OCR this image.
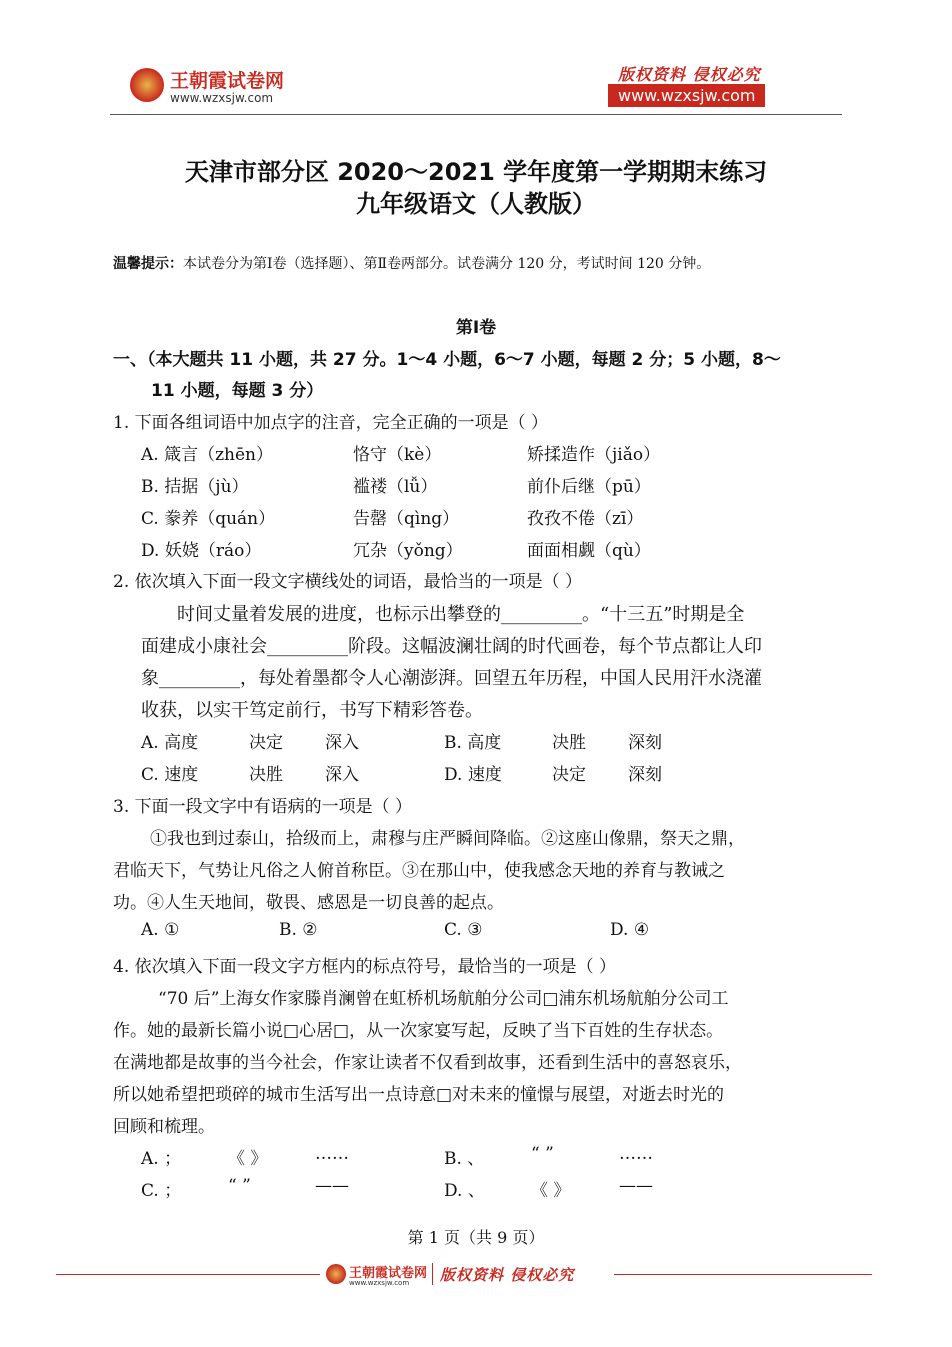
王朝霞试卷网
www.wzxsjw.com
版权资料 侵权必究
www.wzxsjw.com
天津市部分区 2020～2021 学年度第一学期期末练习
九年级语文（人教版）
温馨提示：本试卷分为第Ⅰ卷（选择题）、第Ⅱ卷两部分。试卷满分 120 分，考试时间 120 分钟。
第Ⅰ卷
一、（本大题共 11 小题，共 27 分。1～4 小题，6～7 小题，每题 2 分；5 小题，8～
11 小题，每题 3 分）
1. 下面各组词语中加点字的注音，完全正确的一项是（ ）
A. 箴言（zhēn）	恪守（kè）	矫揉造作（jiǎo）
B. 拮据（jù）	褴褛（lǚ）	前仆后继（pū）
C. 豢养（quán）	告罄（qìng）	孜孜不倦（zī）
D. 妖娆（ráo）	冗杂（yǒng）	面面相觑（qù）
2. 依次填入下面一段文字横线处的词语，最恰当的一项是（ ）
时间丈量着发展的进度，也标示出攀登的_________。“十三五”时期是全
面建成小康社会_________阶段。这幅波澜壮阔的时代画卷，每个节点都让人印
象_________，每处着墨都令人心潮澎湃。回望五年历程，中国人民用汗水浇灌
收获，以实干笃定前行，书写下精彩答卷。
A. 高度	决定 深入	B. 高度	决胜 深刻
C. 速度	决胜 深入	D. 速度	决定 深刻
3. 下面一段文字中有语病的一项是（ ）
①我也到过泰山，拾级而上，肃穆与庄严瞬间降临。②这座山像鼎，祭天之鼎，
君临天下，气势让凡俗之人俯首称臣。③在那山中，使我感念天地的养育与教诫之
功。④人生天地间，敬畏、感恩是一切良善的起点。
A. ①	B. ②	C. ③	D. ④
4. 依次填入下面一段文字方框内的标点符号，最恰当的一项是（ ）
“70 后”上海女作家滕肖澜曾在虹桥机场航舶分公司□浦东机场航舶分公司工
作。她的最新长篇小说□心居□，从一次家宴写起，反映了当下百姓的生存状态。
在满地都是故事的当今社会，作家让读者不仅看到故事，还看到生活中的喜怒哀乐，
所以她希望把琐碎的城市生活写出一点诗意□对未来的憧憬与展望，对逝去时光的
回顾和梳理。
A. ；	《 》	……	B. 、	“ ”	……
C. ；	“ ”	——	D. 、	《 》	——
第 1 页（共 9 页）
王朝霞试卷网
www.wzxsjw.com 版权资料 侵权必究
